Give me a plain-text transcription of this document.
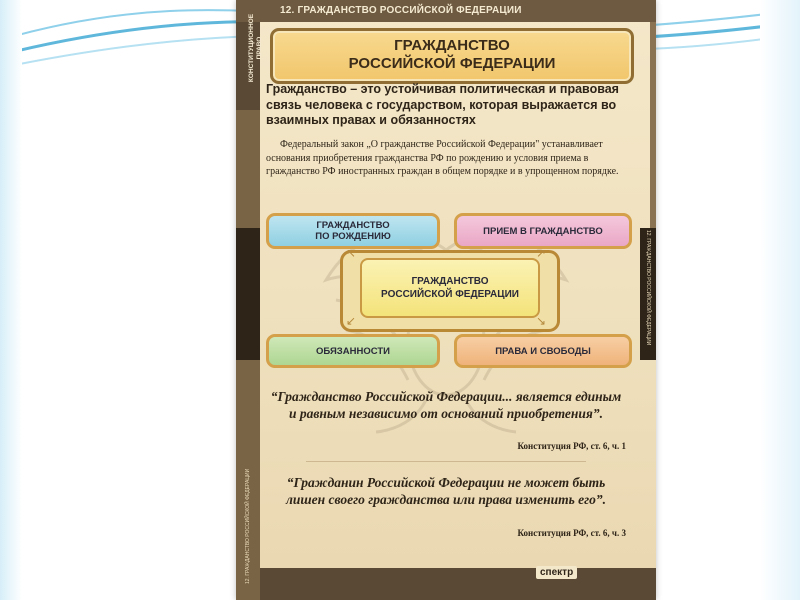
12. ГРАЖДАНСТВО РОССИЙСКОЙ ФЕДЕРАЦИИ
КОНСТИТУЦИОННОЕ ПРАВО
12. ГРАЖДАНСТВО РОССИЙСКОЙ ФЕДЕРАЦИИ
12. ГРАЖДАНСТВО РОССИЙСКОЙ ФЕДЕРАЦИИ
ГРАЖДАНСТВО
РОССИЙСКОЙ ФЕДЕРАЦИИ
Гражданство – это устойчивая политическая и правовая связь человека с государством, которая выражается во взаимных правах и обязанностях
Федеральный закон „О гражданстве Российской Федерации" устанавливает основания приобретения гражданства РФ по рождению и условия приема в гражданство РФ иностранных граждан в общем порядке и в упрощенном порядке.
ГРАЖДАНСТВО
ПО РОЖДЕНИЮ	ПРИЕМ В ГРАЖДАНСТВО
ГРАЖДАНСТВО
РОССИЙСКОЙ ФЕДЕРАЦИИ
↖	↗
↙	↘
ОБЯЗАННОСТИ	ПРАВА И СВОБОДЫ
“Гражданство Российской Федерации... является единым и равным независимо от оснований приобретения”.
Конституция РФ, ст. 6, ч. 1
“Гражданин Российской Федерации не может быть лишен своего гражданства или права изменить его”.
Конституция РФ, ст. 6, ч. 3
спектр
